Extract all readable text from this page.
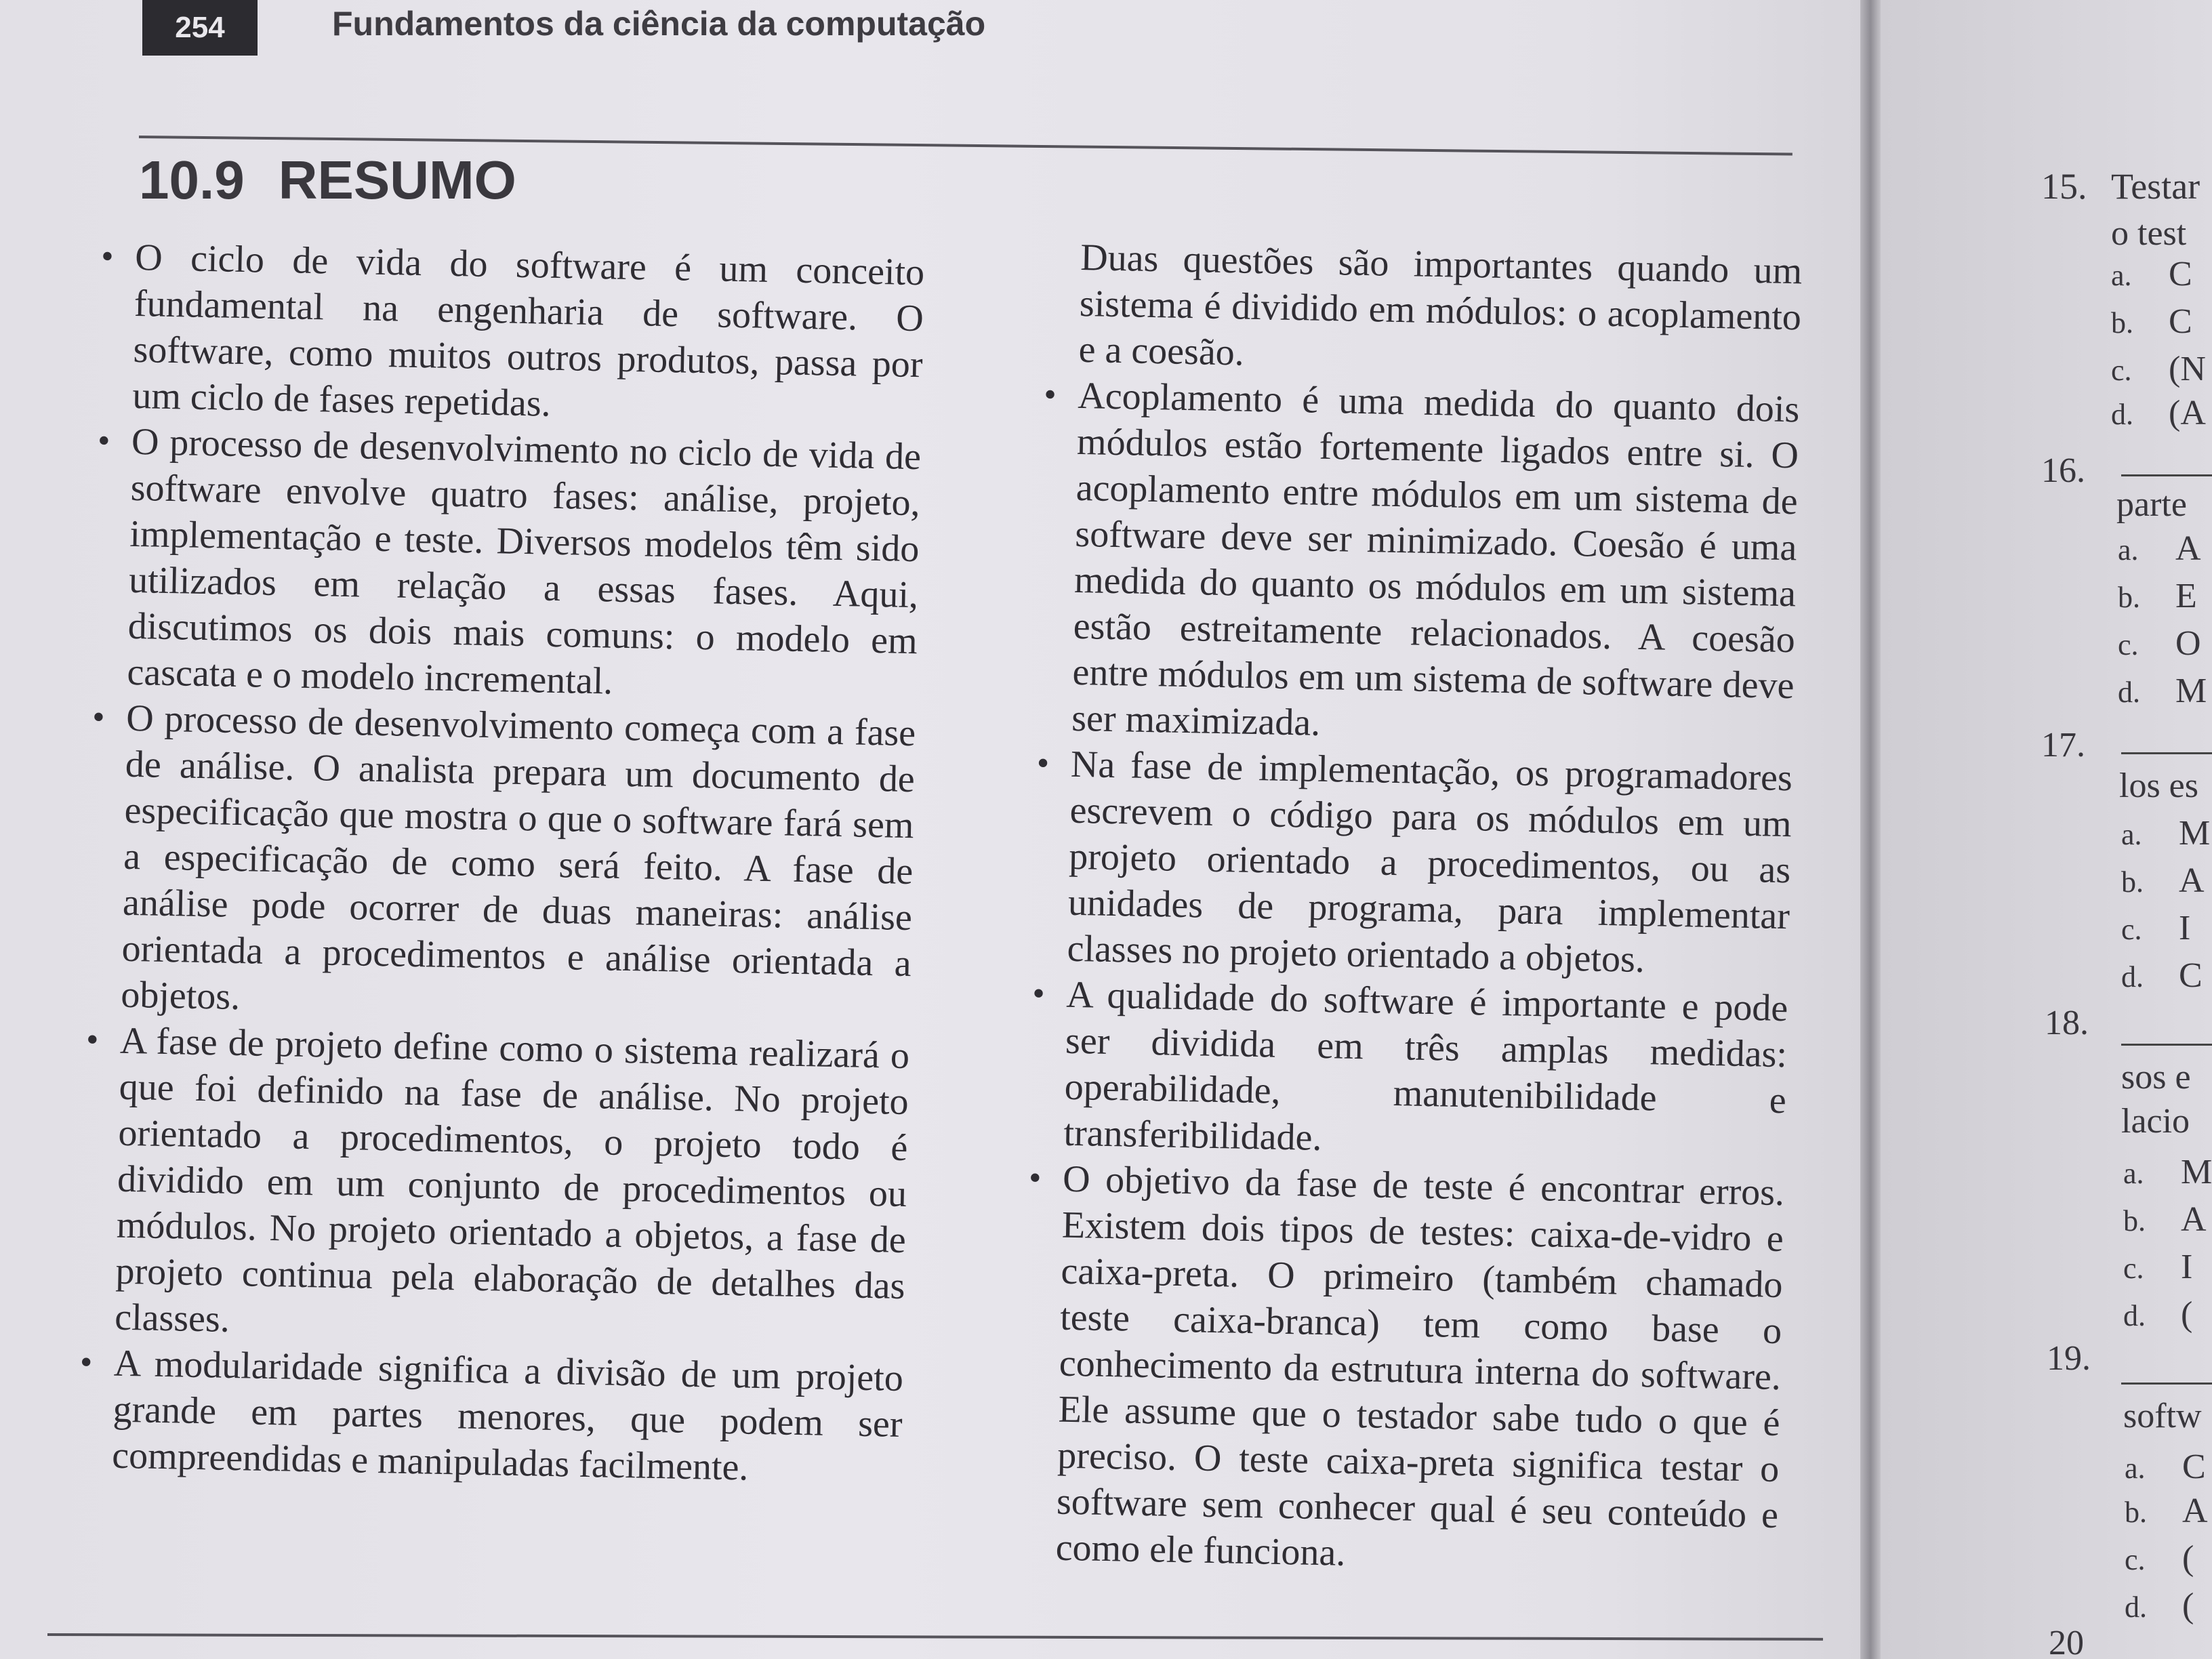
254	Fundamentos da ciência da computação
10.9 RESUMO
• O ciclo de vida do software é um conceito fundamental na engenharia de software. O software, como muitos outros produtos, passa por um ciclo de fases repetidas.
• O processo de desenvolvimento no ciclo de vida de software envolve quatro fases: análise, projeto, implementação e teste. Diversos modelos têm sido utilizados em relação a essas fases. Aqui, discutimos os dois mais comuns: o modelo em cascata e o modelo incremental.
• O processo de desenvolvimento começa com a fase de análise. O analista prepara um documento de especificação que mostra o que o software fará sem a especificação de como será feito. A fase de análise pode ocorrer de duas maneiras: análise orientada a procedimentos e análise orientada a objetos.
• A fase de projeto define como o sistema realizará o que foi definido na fase de análise. No projeto orientado a procedimentos, o projeto todo é dividido em um conjunto de procedimentos ou módulos. No projeto orientado a objetos, a fase de projeto continua pela elaboração de detalhes das classes.
• A modularidade significa a divisão de um projeto grande em partes menores, que podem ser compreendidas e manipuladas facilmente.

Duas questões são importantes quando um sistema é dividido em módulos: o acoplamento e a coesão.

• Acoplamento é uma medida do quanto dois módulos estão fortemente ligados entre si. O acoplamento entre módulos em um sistema de software deve ser minimizado. Coesão é uma medida do quanto os módulos em um sistema estão estreitamente relacionados. A coesão entre módulos em um sistema de software deve ser maximizada.
• Na fase de implementação, os programadores escrevem o código para os módulos em um projeto orientado a procedimentos, ou as unidades de programa, para implementar classes no projeto orientado a objetos.
• A qualidade do software é importante e pode ser dividida em três amplas medidas: operabilidade, manutenibilidade e transferibilidade.
• O objetivo da fase de teste é encontrar erros. Existem dois tipos de testes: caixa-de-vidro e caixa-preta. O primeiro (também chamado teste caixa-branca) tem como base o conhecimento da estrutura interna do software. Ele assume que o testador sabe tudo o que é preciso. O teste caixa-preta significa testar o software sem conhecer qual é seu conteúdo e como ele funciona.
15. Testar
o test
a. C
b. C
c. (N
d. (A
16.
parte
a. A
b. E
c. O
d. M
17.
los es
a. M
b. A
c. I
d. C
18.
sos e
lacio
a. M
b. A
c. I
d. (
19.
softw
a. C
b. A
c. (
d. (
20
